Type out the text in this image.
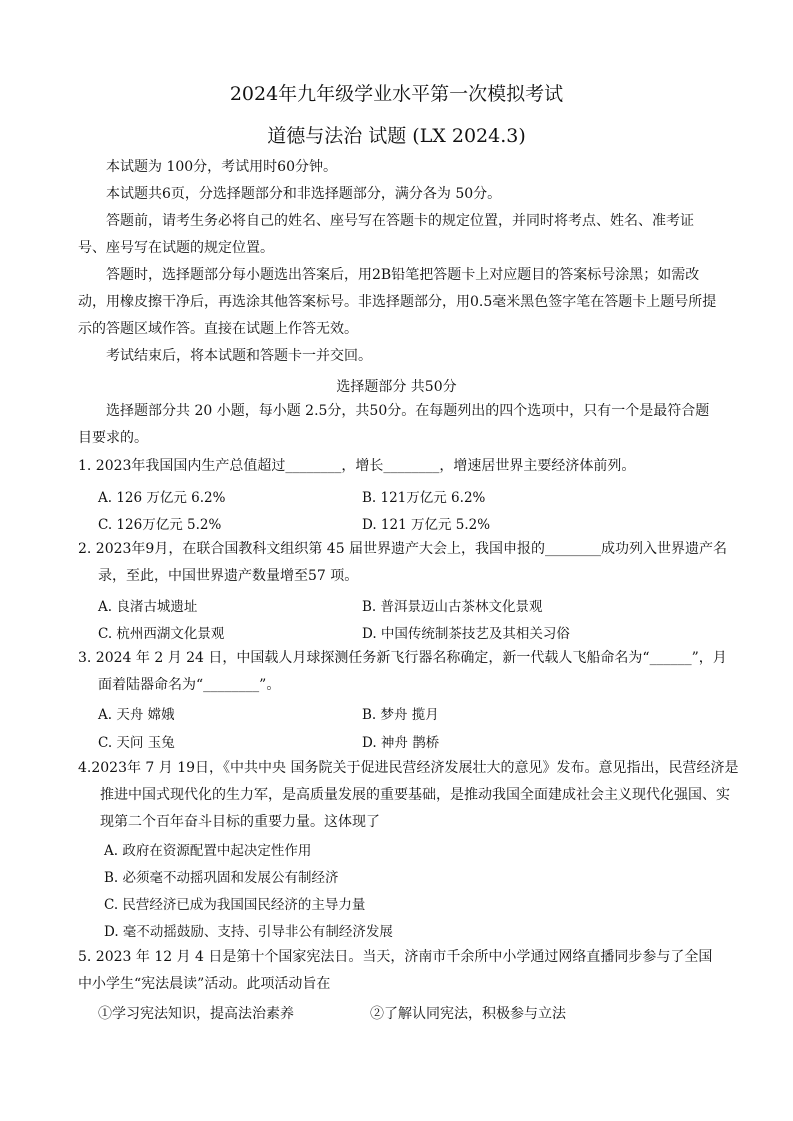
2024年九年级学业水平第一次模拟考试
道德与法治 试题 (LX 2024.3)
本试题为 100分，考试用时60分钟。
本试题共6页，分选择题部分和非选择题部分，满分各为 50分。
答题前，请考生务必将自己的姓名、座号写在答题卡的规定位置，并同时将考点、姓名、准考证号、座号写在试题的规定位置。
答题时，选择题部分每小题选出答案后，用2B铅笔把答题卡上对应题目的答案标号涂黑；如需改动，用橡皮擦干净后，再选涂其他答案标号。非选择题部分，用0.5毫米黑色签字笔在答题卡上题号所提示的答题区域作答。直接在试题上作答无效。
考试结束后，将本试题和答题卡一并交回。
选择题部分 共50分
选择题部分共 20 小题，每小题 2.5分，共50分。在每题列出的四个选项中，只有一个是最符合题目要求的。
1. 2023年我国国内生产总值超过________，增长________，增速居世界主要经济体前列。
A. 126 万亿元 6.2%	B. 121万亿元 6.2%
C. 126万亿元 5.2%	D. 121 万亿元 5.2%
2. 2023年9月，在联合国教科文组织第 45 届世界遗产大会上，我国申报的________成功列入世界遗产名录，至此，中国世界遗产数量增至57 项。
A. 良渚古城遗址	B. 普洱景迈山古茶林文化景观
C. 杭州西湖文化景观	D. 中国传统制茶技艺及其相关习俗
3. 2024 年 2 月 24 日，中国载人月球探测任务新飞行器名称确定，新一代载人飞船命名为“______”，月面着陆器命名为“________”。
A. 天舟 嫦娥	B. 梦舟 揽月
C. 天问 玉兔	D. 神舟 鹊桥
4.2023年 7 月 19日，《中共中央 国务院关于促进民营经济发展壮大的意见》发布。意见指出，民营经济是推进中国式现代化的生力军，是高质量发展的重要基础，是推动我国全面建成社会主义现代化强国、实现第二个百年奋斗目标的重要力量。这体现了
A. 政府在资源配置中起决定性作用
B. 必须毫不动摇巩固和发展公有制经济
C. 民营经济已成为我国国民经济的主导力量
D. 毫不动摇鼓励、支持、引导非公有制经济发展
5. 2023 年 12 月 4 日是第十个国家宪法日。当天，济南市千余所中小学通过网络直播同步参与了全国中小学生“宪法晨读”活动。此项活动旨在
①学习宪法知识，提高法治素养	②了解认同宪法，积极参与立法
